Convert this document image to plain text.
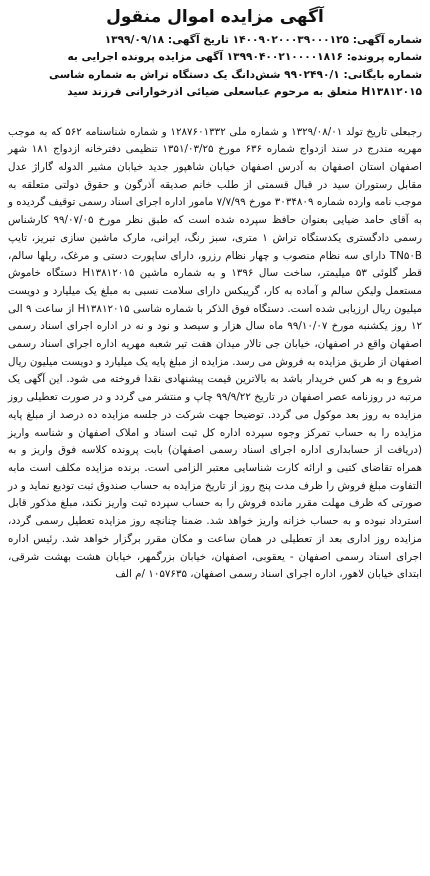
آگهی مزایده اموال منقول

شماره آگهی: ۱۴۰۰۹۰۲۰۰۰۳۹۰۰۰۱۲۵ تاریخ آگهی: ۱۳۹۹/۰۹/۱۸

شماره پرونده: ۱۳۹۹۰۴۰۰۲۱۰۰۰۰۱۸۱۶ آگهی مزایده پرونده اجرایی به

شماره بایگانی: ۹۹۰۲۴۹۰/۱ شش‌دانگ یک دستگاه تراش به شماره شاسی

H۱۳۸۱۲۰۱۵ متعلق به مرحوم عباسعلی ضیائی اذرخوارانی فرزند سید

رجبعلی تاریخ تولد ۱۳۲۹/۰۸/۰۱ و شماره ملی ۱۲۸۷۶۰۱۳۳۲ و شماره شناسنامه ۵۶۲ که به موجب مهریه مندرج در سند ازدواج شماره ۶۳۶ مورخ ۱۳۵۱/۰۳/۲۵ تنظیمی دفترخانه ازدواج ۱۸۱ شهر اصفهان استان اصفهان به آدرس اصفهان خیابان شاهپور جدید خیابان مشیر الدوله گاراژ عدل مقابل رستوران سید در قبال قسمتی از طلب خانم صدیقه آذرگون و حقوق دولتی متعلقه به موجب نامه وارده شماره ۳۰۳۴۸۰۹ مورخ ۷/۷/۹۹ مامور اداره اجرای اسناد رسمی توقیف گردیده و به آقای حامد ضیایی بعنوان حافظ سپرده شده است که طبق نظر مورخ ۹۹/۰۷/۰۵ کارشناس رسمی دادگستری یکدستگاه تراش ۱ متری، سبز رنگ، ایرانی، مارک ماشین سازی تبریز، تایپ TN۵۰B دارای سه نظام منصوب و چهار نظام رزرو، دارای ساپورت دستی و مرغک، ریلها سالم، قطر گلوئی ۵۳ میلیمتر، ساخت سال ۱۳۹۶ و به شماره ماشین H۱۳۸۱۲۰۱۵ دستگاه خاموش مستعمل ولیکن سالم و آماده به کار، گریبکس دارای سلامت نسبی به مبلغ یک میلیارد و دویست میلیون ریال ارزیابی شده است. دستگاه فوق الذکر با شماره شاسی H۱۳۸۱۲۰۱۵ از ساعت ۹ الی ۱۲ روز یکشنبه مورخ ۹۹/۱۰/۰۷ ماه سال هزار و سیصد و نود و نه در اداره اجرای اسناد رسمی اصفهان واقع در اصفهان، خیابان جی تالار میدان هفت تیر شعبه مهریه اداره اجرای اسناد رسمی اصفهان از طریق مزایده به فروش می رسد. مزایده از مبلغ پایه یک میلیارد و دویست میلیون ریال شروع و به هر کس خریدار باشد به بالاترین قیمت پیشنهادی نقدا فروخته می شود. این آگهی یک مرتبه در روزنامه عصر اصفهان در تاریخ ۹۹/۹/۲۲ چاپ و منتشر می گردد و در صورت تعطیلی روز مزایده به روز بعد موکول می گردد. توضیحا جهت شرکت در جلسه مزایده ده درصد از مبلغ پایه مزایده را به حساب تمرکز وجوه سپرده اداره کل ثبت اسناد و املاک اصفهان و شناسه واریز (دریافت از حسابداری اداره اجرای اسناد رسمی اصفهان) بابت پرونده کلاسه فوق واریز و به همراه تقاضای کتبی و ارائه کارت شناسایی معتبر الزامی است. برنده مزایده مکلف است مابه التفاوت مبلغ فروش را ظرف مدت پنج روز از تاریخ مزایده به حساب صندوق ثبت تودیع نماید و در صورتی که ظرف مهلت مقرر مانده فروش را به حساب سپرده ثبت واریز نکند، مبلغ مذکور قابل استرداد نبوده و به حساب خزانه واریز خواهد شد. ضمنا چنانچه روز مزایده تعطیل رسمی گردد، مزایده روز اداری بعد از تعطیلی در همان ساعت و مکان مقرر برگزار خواهد شد. رئیس اداره اجرای اسناد رسمی اصفهان - یعقوبی، اصفهان، خیابان بزرگمهر، خیابان هشت بهشت شرقی، ابتدای خیابان لاهور، اداره اجرای اسناد رسمی اصفهان، ۱۰۵۷۶۳۵ /م الف
